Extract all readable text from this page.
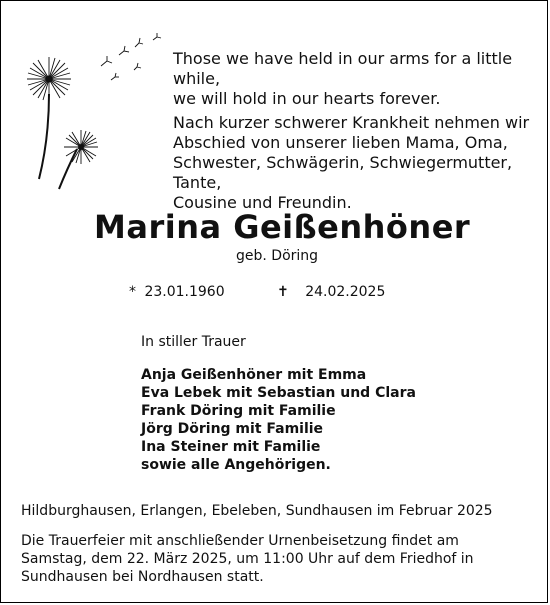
Those we have held in our arms for a little while,
we will hold in our hearts forever.
Nach kurzer schwerer Krankheit nehmen wir
Abschied von unserer lieben Mama, Oma,
Schwester, Schwägerin, Schwiegermutter, Tante,
Cousine und Freundin.
Marina Geißenhöner
geb. Döring
* 23.01.1960	✝ 24.02.2025
In stiller Trauer
Anja Geißenhöner mit Emma
Eva Lebek mit Sebastian und Clara
Frank Döring mit Familie
Jörg Döring mit Familie
Ina Steiner mit Familie
sowie alle Angehörigen.
Hildburghausen, Erlangen, Ebeleben, Sundhausen im Februar 2025
Die Trauerfeier mit anschließender Urnenbeisetzung findet am
Samstag, dem 22. März 2025, um 11:00 Uhr auf dem Friedhof in
Sundhausen bei Nordhausen statt.
